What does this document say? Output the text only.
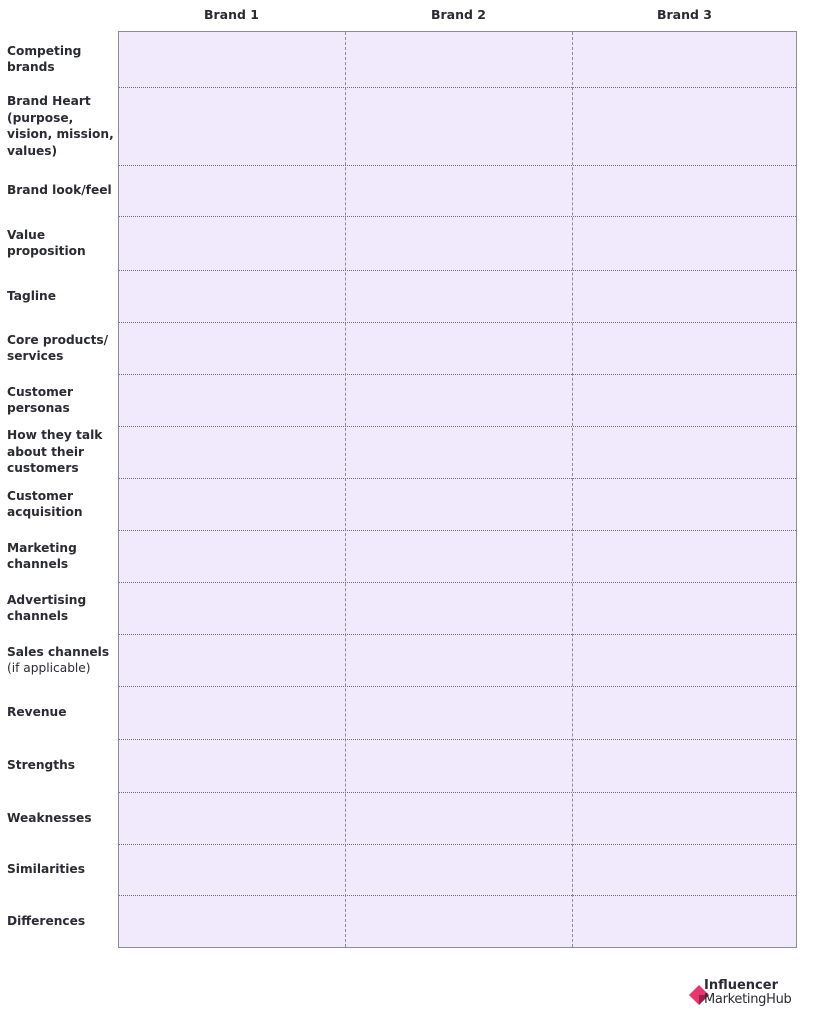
Brand 1	Brand 2	Brand 3
Competing brands
Brand Heart (purpose, vision, mission, values)
Brand look/feel
Value proposition
Tagline
Core products/ services
Customer personas
How they talk about their customers
Customer acquisition
Marketing channels
Advertising channels
Sales channels
(if applicable)
Revenue
Strengths
Weaknesses
Similarities
Differences
Influencer
MarketingHub
